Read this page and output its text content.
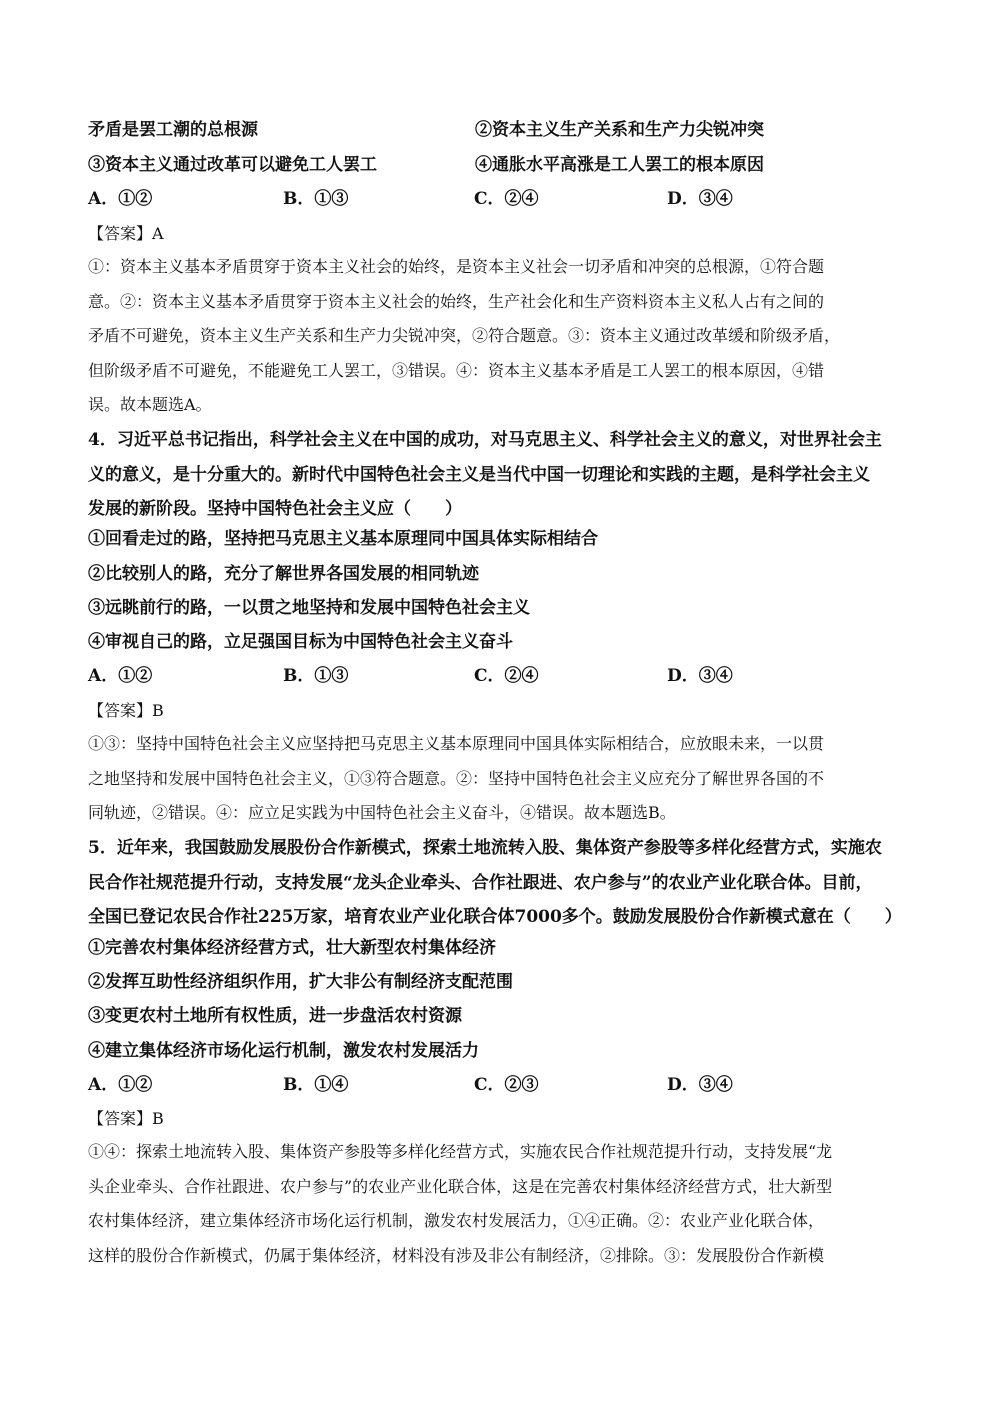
矛盾是罢工潮的总根源	②资本主义生产关系和生产力尖锐冲突
③资本主义通过改革可以避免工人罢工	④通胀水平高涨是工人罢工的根本原因
A．①②	B．①③	C．②④	D．③④
【答案】A
①：资本主义基本矛盾贯穿于资本主义社会的始终，是资本主义社会一切矛盾和冲突的总根源，①符合题
意。②：资本主义基本矛盾贯穿于资本主义社会的始终，生产社会化和生产资料资本主义私人占有之间的
矛盾不可避免，资本主义生产关系和生产力尖锐冲突，②符合题意。③：资本主义通过改革缓和阶级矛盾，
但阶级矛盾不可避免，不能避免工人罢工，③错误。④：资本主义基本矛盾是工人罢工的根本原因，④错
误。故本题选A。
4．习近平总书记指出，科学社会主义在中国的成功，对马克思主义、科学社会主义的意义，对世界社会主
义的意义，是十分重大的。新时代中国特色社会主义是当代中国一切理论和实践的主题，是科学社会主义
发展的新阶段。坚持中国特色社会主义应（　　）
①回看走过的路，坚持把马克思主义基本原理同中国具体实际相结合
②比较别人的路，充分了解世界各国发展的相同轨迹
③远眺前行的路，一以贯之地坚持和发展中国特色社会主义
④审视自己的路，立足强国目标为中国特色社会主义奋斗
A．①②	B．①③	C．②④	D．③④
【答案】B
①③：坚持中国特色社会主义应坚持把马克思主义基本原理同中国具体实际相结合，应放眼未来，一以贯
之地坚持和发展中国特色社会主义，①③符合题意。②：坚持中国特色社会主义应充分了解世界各国的不
同轨迹，②错误。④：应立足实践为中国特色社会主义奋斗，④错误。故本题选B。
5．近年来，我国鼓励发展股份合作新模式，探索土地流转入股、集体资产参股等多样化经营方式，实施农
民合作社规范提升行动，支持发展“龙头企业牵头、合作社跟进、农户参与”的农业产业化联合体。目前，
全国已登记农民合作社225万家，培育农业产业化联合体7000多个。鼓励发展股份合作新模式意在（　　）
①完善农村集体经济经营方式，壮大新型农村集体经济
②发挥互助性经济组织作用，扩大非公有制经济支配范围
③变更农村土地所有权性质，进一步盘活农村资源
④建立集体经济市场化运行机制，激发农村发展活力
A．①②	B．①④	C．②③	D．③④
【答案】B
①④：探索土地流转入股、集体资产参股等多样化经营方式，实施农民合作社规范提升行动，支持发展“龙
头企业牵头、合作社跟进、农户参与”的农业产业化联合体，这是在完善农村集体经济经营方式，壮大新型
农村集体经济，建立集体经济市场化运行机制，激发农村发展活力，①④正确。②：农业产业化联合体，
这样的股份合作新模式，仍属于集体经济，材料没有涉及非公有制经济，②排除。③：发展股份合作新模
